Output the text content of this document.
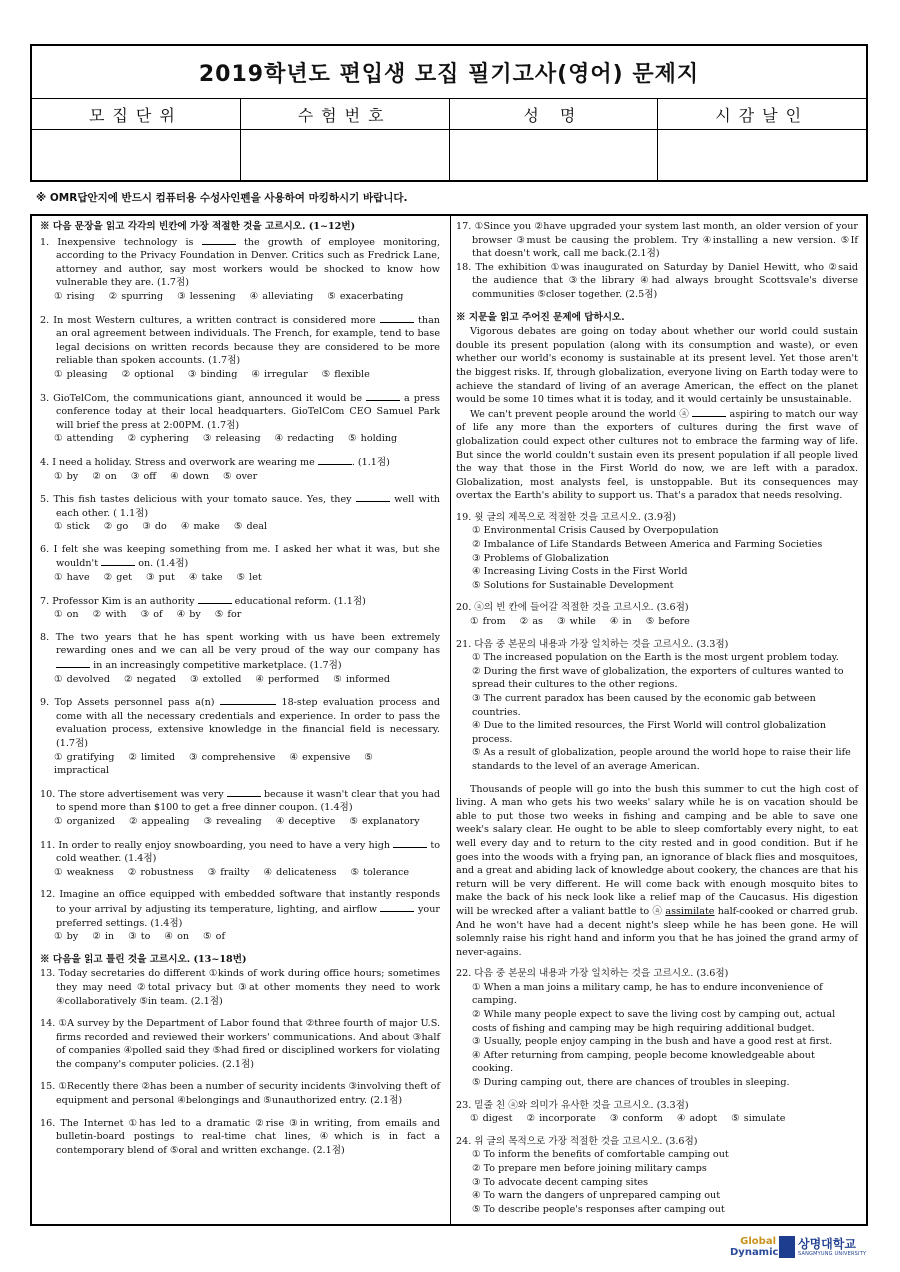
2019학년도 편입생 모집 필기고사(영어) 문제지
모집단위	수험번호	성 명	시감날인
※ OMR답안지에 반드시 컴퓨터용 수성사인펜을 사용하여 마킹하시기 바랍니다.
※ 다음 문장을 읽고 각각의 빈칸에 가장 적절한 것을 고르시오. (1~12번)
1. Inexpensive technology is	the growth of employee monitoring, according to the Privacy Foundation in Denver. Critics such as Fredrick Lane, attorney and author, say most workers would be shocked to know how vulnerable they are. (1.7점)
① rising ② spurring ③ lessening ④ alleviating ⑤ exacerbating
2. In most Western cultures, a written contract is considered more	than an oral agreement between individuals. The French, for example, tend to base legal decisions on written records because they are considered to be more reliable than spoken accounts. (1.7점)
① pleasing ② optional ③ binding ④ irregular ⑤ flexible
3. GioTelCom, the communications giant, announced it would be	a press conference today at their local headquarters. GioTelCom CEO Samuel Park will brief the press at 2:00PM. (1.7점)
① attending ② cyphering ③ releasing ④ redacting ⑤ holding
4. I need a holiday. Stress and overwork are wearing me	. (1.1점)
① by ② on ③ off ④ down ⑤ over
5. This fish tastes delicious with your tomato sauce. Yes, they	well with each other. ( 1.1점)
① stick ② go ③ do ④ make ⑤ deal
6. I felt she was keeping something from me. I asked her what it was, but she wouldn't	on. (1.4점)
① have ② get ③ put ④ take ⑤ let
7. Professor Kim is an authority	educational reform. (1.1점)
① on ② with ③ of ④ by ⑤ for
8. The two years that he has spent working with us have been extremely rewarding ones and we can all be very proud of the way our company has  in an increasingly competitive marketplace. (1.7점)
① devolved ② negated ③ extolled ④ performed ⑤ informed
9. Top Assets personnel pass a(n)	18-step evaluation process and come with all the necessary credentials and experience. In order to pass the evaluation process, extensive knowledge in the financial field is necessary. (1.7점)
① gratifying ② limited ③ comprehensive ④ expensive ⑤ impractical
10. The store advertisement was very	because it wasn't clear that you had to spend more than $100 to get a free dinner coupon. (1.4점)
① organized ② appealing ③ revealing ④ deceptive ⑤ explanatory
11. In order to really enjoy snowboarding, you need to have a very high	to cold weather. (1.4점)
① weakness ② robustness ③ frailty ④ delicateness ⑤ tolerance
12. Imagine an office equipped with embedded software that instantly responds to your arrival by adjusting its temperature, lighting, and airflow	your preferred settings. (1.4점)
① by ② in ③ to ④ on ⑤ of
※ 다음을 읽고 틀린 것을 고르시오. (13~18번)
13. Today secretaries do different ①kinds of work during office hours; sometimes they may need ②total privacy but ③at other moments they need to work ④collaboratively ⑤in team. (2.1점)
14. ①A survey by the Department of Labor found that ②three fourth of major U.S. firms recorded and reviewed their workers' communications. And about ③half of companies ④polled said they ⑤had fired or disciplined workers for violating the company's computer policies. (2.1점)
15. ①Recently there ②has been a number of security incidents ③involving theft of equipment and personal ④belongings and ⑤unauthorized entry. (2.1점)
16. The Internet ①has led to a dramatic ②rise ③in writing, from emails and bulletin-board postings to real-time chat lines, ④which is in fact a contemporary blend of ⑤oral and written exchange. (2.1점)
17. ①Since you ②have upgraded your system last month, an older version of your browser ③must be causing the problem. Try ④installing a new version. ⑤If that doesn't work, call me back.(2.1점)
18. The exhibition ①was inaugurated on Saturday by Daniel Hewitt, who ②said the audience that ③the library ④had always brought Scottsvale's diverse communities ⑤closer together. (2.5점)
※ 지문을 읽고 주어진 문제에 답하시오.

Vigorous debates are going on today about whether our world could sustain double its present population (along with its consumption and waste), or even whether our world's economy is sustainable at its present level. Yet those aren't the biggest risks. If, through globalization, everyone living on Earth today were to achieve the standard of living of an average American, the effect on the planet would be some 10 times what it is today, and it would certainly be unsustainable.

We can't prevent people around the world ⓐ	aspiring to match our way of life any more than the exporters of cultures during the first wave of globalization could expect other cultures not to embrace the farming way of life. But since the world couldn't sustain even its present population if all people lived the way that those in the First World do now, we are left with a paradox. Globalization, most analysts feel, is unstoppable. But its consequences may overtax the Earth's ability to support us. That's a paradox that needs resolving.

19. 윗 글의 제목으로 적절한 것을 고르시오. (3.9점)
① Environmental Crisis Caused by Overpopulation
② Imbalance of Life Standards Between America and Farming Societies
③ Problems of Globalization
④ Increasing Living Costs in the First World
⑤ Solutions for Sustainable Development
20. ⓐ의 빈 칸에 들어갈 적절한 것을 고르시오. (3.6점)
① from ② as ③ while ④ in ⑤ before
21. 다음 중 본문의 내용과 가장 일치하는 것을 고르시오. (3.3점)
① The increased population on the Earth is the most urgent problem today.
② During the first wave of globalization, the exporters of cultures wanted to spread their cultures to the other regions.
③ The current paradox has been caused by the economic gab between countries.
④ Due to the limited resources, the First World will control globalization process.
⑤ As a result of globalization, people around the world hope to raise their life standards to the level of an average American.
Thousands of people will go into the bush this summer to cut the high cost of living. A man who gets his two weeks' salary while he is on vacation should be able to put those two weeks in fishing and camping and be able to save one week's salary clear. He ought to be able to sleep comfortably every night, to eat well every day and to return to the city rested and in good condition. But if he goes into the woods with a frying pan, an ignorance of black flies and mosquitoes, and a great and abiding lack of knowledge about cookery, the chances are that his return will be very different. He will come back with enough mosquito bites to make the back of his neck look like a relief map of the Caucasus. His digestion will be wrecked after a valiant battle to ⓐ assimilate half-cooked or charred grub. And he won't have had a decent night's sleep while he has been gone. He will solemnly raise his right hand and inform you that he has joined the grand army of never-agains.
22. 다음 중 본문의 내용과 가장 일치하는 것을 고르시오. (3.6점)
① When a man joins a military camp, he has to endure inconvenience of camping.
② While many people expect to save the living cost by camping out, actual costs of fishing and camping may be high requiring additional budget.
③ Usually, people enjoy camping in the bush and have a good rest at first.
④ After returning from camping, people become knowledgeable about cooking.
⑤ During camping out, there are chances of troubles in sleeping.
23. 밑줄 친 ⓐ와 의미가 유사한 것을 고르시오. (3.3점)
① digest ② incorporate ③ conform ④ adopt ⑤ simulate
24. 위 글의 목적으로 가장 적절한 것을 고르시오. (3.6점)
① To inform the benefits of comfortable camping out
② To prepare men before joining military camps
③ To advocate decent camping sites
④ To warn the dangers of unprepared camping out
⑤ To describe people's responses after camping out
Global
Dynamic
상명대학교
SANGMYUNG UNIVERSITY
